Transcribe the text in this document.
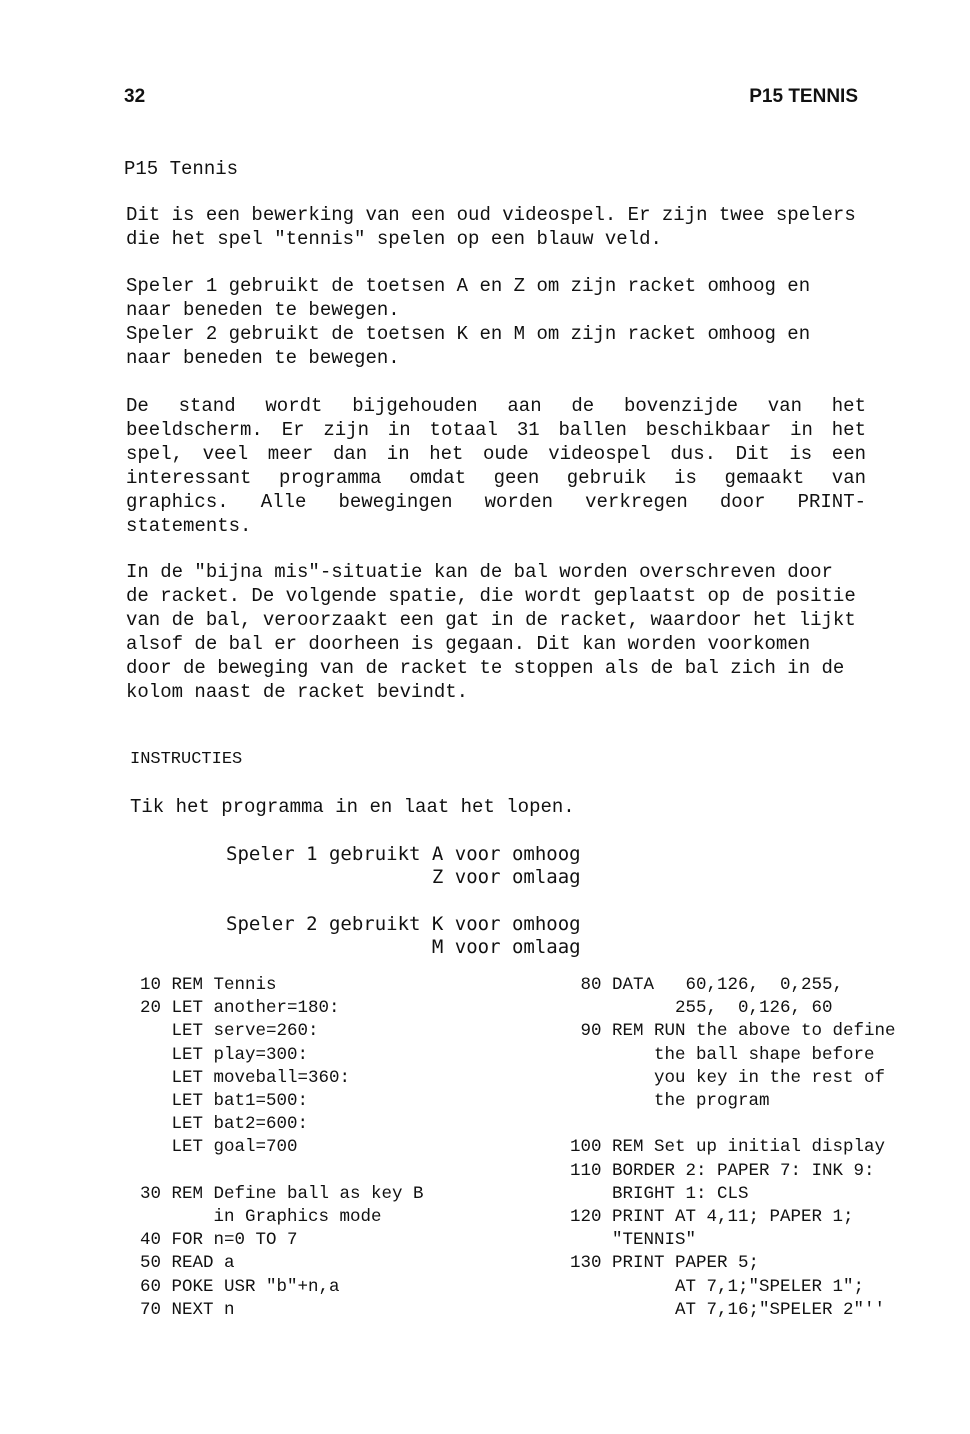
32	P15 TENNIS
P15 Tennis

Dit is een bewerking van een oud videospel. Er zijn twee spelers die het spel "tennis" spelen op een blauw veld.

Speler 1 gebruikt de toetsen A en Z om zijn racket omhoog en naar beneden te bewegen.
Speler 2 gebruikt de toetsen K en M om zijn racket omhoog en naar beneden te bewegen.

De stand wordt bijgehouden aan de bovenzijde van het beeldscherm. Er zijn in totaal 31 ballen beschikbaar in het spel, veel meer dan in het oude videospel dus. Dit is een interessant programma omdat geen gebruik is gemaakt van graphics. Alle bewegingen worden verkregen door PRINT-statements.

In de "bijna mis"-situatie kan de bal worden overschreven door de racket. De volgende spatie, die wordt geplaatst op de positie van de bal, veroorzaakt een gat in de racket, waardoor het lijkt alsof de bal er doorheen is gegaan. Dit kan worden voorkomen door de beweging van de racket te stoppen als de bal zich in de kolom naast de racket bevindt.

INSTRUCTIES
Tik het programma in en laat het lopen.
Speler 1 gebruikt A voor omhoog
Z voor omlaag
Speler 2 gebruikt K voor omhoog
M voor omlaag
10 REM Tennis
20 LET another=180:
LET serve=260:
LET play=300:
LET moveball=360:
LET bat1=500:
LET bat2=600:
LET goal=700

30 REM Define ball as key B
in Graphics mode
40 FOR n=0 TO 7
50 READ a
60 POKE USR "b"+n,a
70 NEXT n
80 DATA   60,126,  0,255,
255,  0,126, 60
90 REM RUN the above to define
the ball shape before
you key in the rest of
the program

100 REM Set up initial display
110 BORDER 2: PAPER 7: INK 9:
BRIGHT 1: CLS
120 PRINT AT 4,11; PAPER 1;
"TENNIS"
130 PRINT PAPER 5;
AT 7,1;"SPELER 1";
AT 7,16;"SPELER 2"''
